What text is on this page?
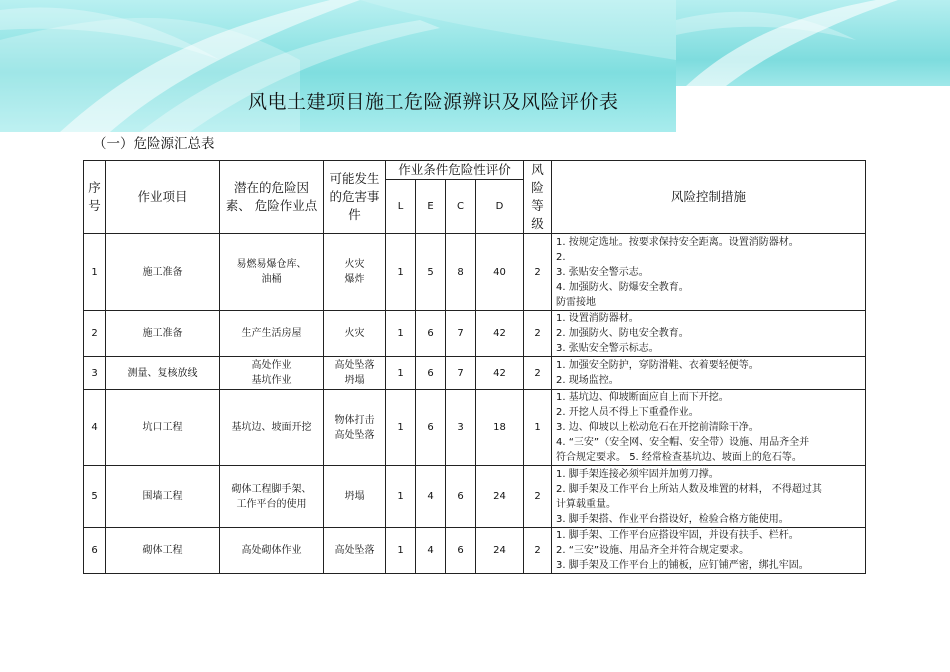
风电土建项目施工危险源辨识及风险评价表
（一）危险源汇总表
序
号	作业项目	潜在的危险因
素、 危险作业点	可能发生
的危害事
件	作业条件危险性评价				风
险
等
级	风险控制措施
				L	E	C	D		
1	施工准备	易燃易爆仓库、
油桶	火灾
爆炸	1	5	8	40	2	1. 按规定选址。按要求保持安全距离。设置消防器材。
2.
3. 张贴安全警示志。
4. 加强防火、防爆安全教育。
防雷接地

2	施工准备	生产生活房屋	火灾	1	6	7	42	2	1. 设置消防器材。
2. 加强防火、防电安全教育。
3. 张贴安全警示标志。

3	测量、复核放线	高处作业
基坑作业	高处坠落
坍塌	1	6	7	42	2	1. 加强安全防护，穿防滑鞋、衣着要轻便等。
2. 现场监控。

4	坑口工程	基坑边、坡面开挖	物体打击
高处坠落	1	6	3	18	1	1. 基坑边、仰坡断面应自上而下开挖。
2. 开挖人员不得上下重叠作业。
3. 边、仰坡以上松动危石在开挖前清除干净。
4. “三安”（安全网、安全帽、安全带）设施、用品齐全并
符合规定要求。 5. 经常检查基坑边、坡面上的危石等。

5	围墙工程	砌体工程脚手架、
工作平台的使用	坍塌	1	4	6	24	2	1. 脚手架连接必须牢固并加剪刀撑。
2. 脚手架及工作平台上所站人数及堆置的材料， 不得超过其
计算载重量。
3. 脚手架搭、作业平台搭设好，检验合格方能使用。

6	砌体工程	高处砌体作业	高处坠落	1	4	6	24	2	1. 脚手架、工作平台应搭设牢固，并设有扶手、栏杆。
2. “三安”设施、用品齐全并符合规定要求。
3. 脚手架及工作平台上的铺板，应钉铺严密，绑扎牢固。
